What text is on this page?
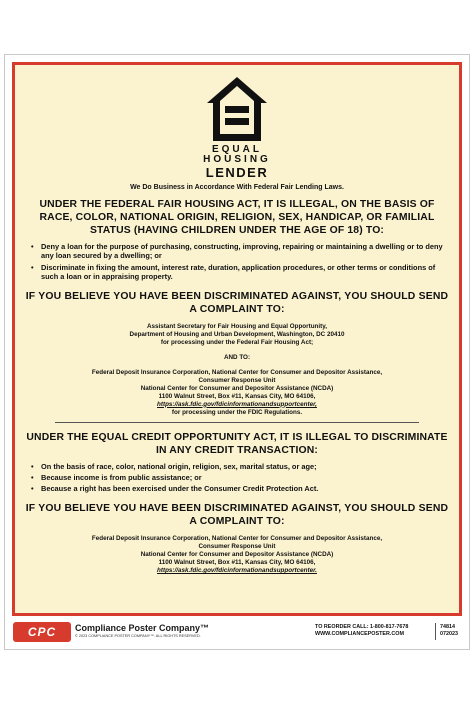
EQUAL
HOUSING
LENDER
We Do Business in Accordance With Federal Fair Lending Laws.
UNDER THE FEDERAL FAIR HOUSING ACT, IT IS ILLEGAL, ON THE BASIS OF RACE, COLOR, NATIONAL ORIGIN, RELIGION, SEX, HANDICAP, OR FAMILIAL STATUS (HAVING CHILDREN UNDER THE AGE OF 18) TO:
• Deny a loan for the purpose of purchasing, constructing, improving, repairing or maintaining a dwelling or to deny any loan secured by a dwelling; or
• Discriminate in fixing the amount, interest rate, duration, application procedures, or other terms or conditions of such a loan or in appraising property.
IF YOU BELIEVE YOU HAVE BEEN DISCRIMINATED AGAINST, YOU SHOULD SEND A COMPLAINT TO:
Assistant Secretary for Fair Housing and Equal Opportunity,
Department of Housing and Urban Development, Washington, DC 20410
for processing under the Federal Fair Housing Act;
AND TO:
Federal Deposit Insurance Corporation, National Center for Consumer and Depositor Assistance,
Consumer Response Unit
National Center for Consumer and Depositor Assistance (NCDA)
1100 Walnut Street, Box #11, Kansas City, MO 64106,
https://ask.fdic.gov/fdicinformationandsupportcenter,
for processing under the FDIC Regulations.
UNDER THE EQUAL CREDIT OPPORTUNITY ACT, IT IS ILLEGAL TO DISCRIMINATE IN ANY CREDIT TRANSACTION:
• On the basis of race, color, national origin, religion, sex, marital status, or age;
• Because income is from public assistance; or
• Because a right has been exercised under the Consumer Credit Protection Act.
IF YOU BELIEVE YOU HAVE BEEN DISCRIMINATED AGAINST, YOU SHOULD SEND A COMPLAINT TO:
Federal Deposit Insurance Corporation, National Center for Consumer and Depositor Assistance,
Consumer Response Unit
National Center for Consumer and Depositor Assistance (NCDA)
1100 Walnut Street, Box #11, Kansas City, MO 64106,
https://ask.fdic.gov/fdicinformationandsupportcenter.
CPC Compliance Poster Company™
© 2023 COMPLIANCE POSTER COMPANY™. ALL RIGHTS RESERVED.
TO REORDER CALL: 1-800-817-7678
WWW.COMPLIANCEPOSTER.COM
74814
072023
